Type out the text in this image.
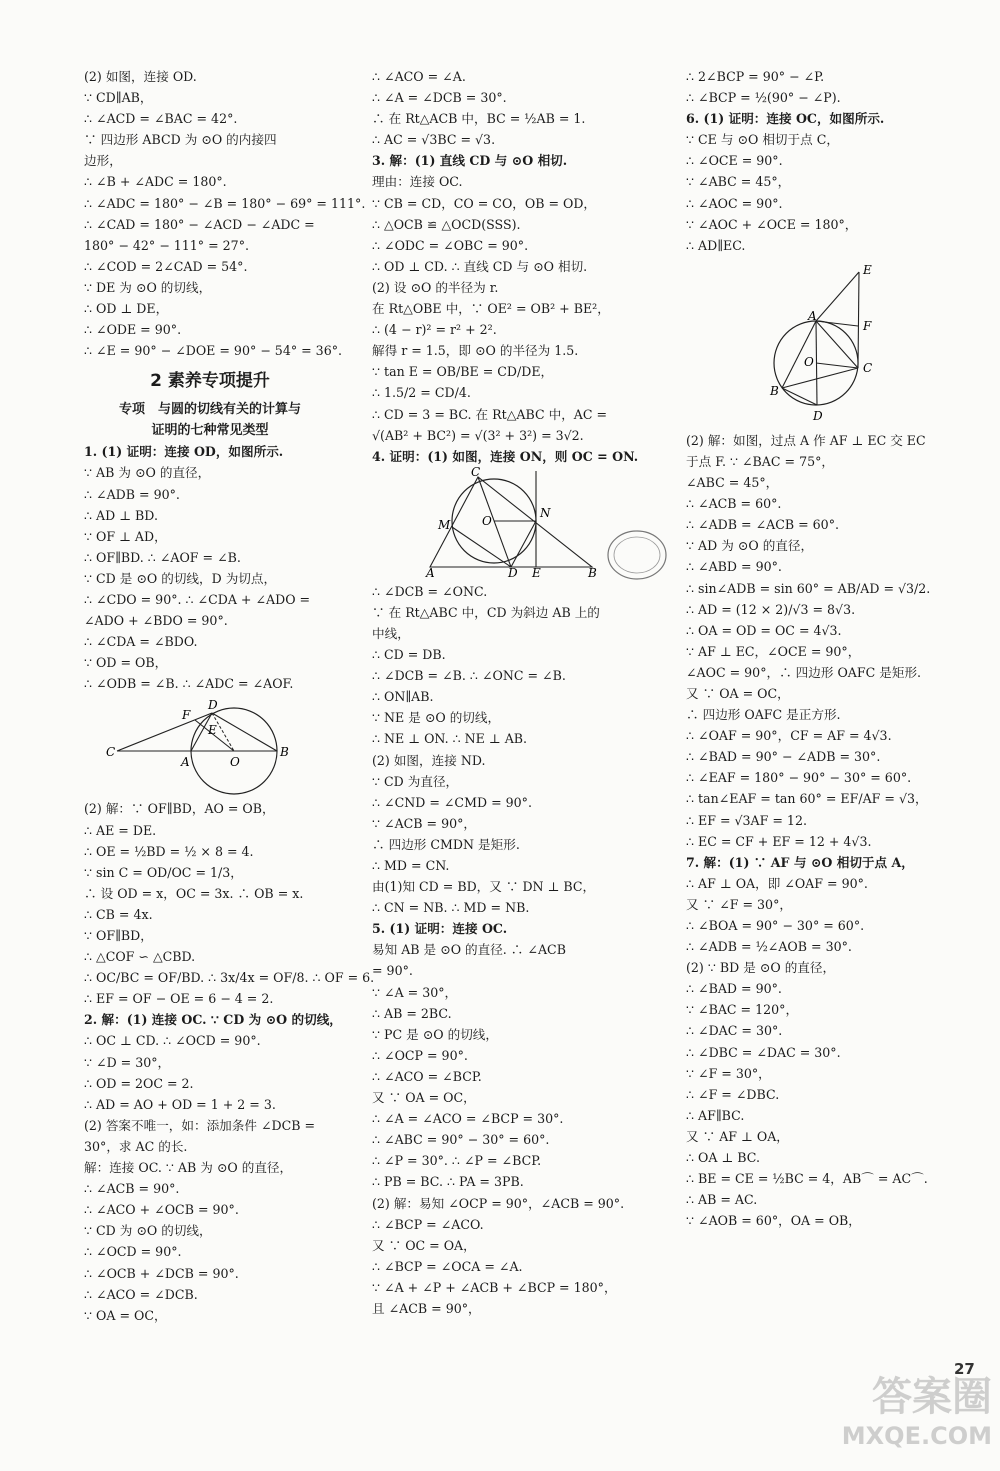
(2) 如图，连接 OD.
∵ CD∥AB，
∴ ∠ACD = ∠BAC = 42°.
∵ 四边形 ABCD 为 ⊙O 的内接四
边形，
∴ ∠B + ∠ADC = 180°.
∴ ∠ADC = 180° − ∠B = 180° − 69° = 111°.
∴ ∠CAD = 180° − ∠ACD − ∠ADC =
180° − 42° − 111° = 27°.
∴ ∠COD = 2∠CAD = 54°.
∵ DE 为 ⊙O 的切线，
∴ OD ⊥ DE，
∴ ∠ODE = 90°.
∴ ∠E = 90° − ∠DOE = 90° − 54° = 36°.
2 素养专项提升
专项　与圆的切线有关的计算与
证明的七种常见类型
1. (1) 证明：连接 OD，如图所示.
∵ AB 为 ⊙O 的直径，
∴ ∠ADB = 90°.
∴ AD ⊥ BD.
∵ OF ⊥ AD，
∴ OF∥BD. ∴ ∠AOF = ∠B.
∵ CD 是 ⊙O 的切线，D 为切点，
∴ ∠CDO = 90°. ∴ ∠CDA + ∠ADO =
∠ADO + ∠BDO = 90°.
∴ ∠CDA = ∠BDO.
∵ OD = OB，
∴ ∠ODB = ∠B. ∴ ∠ADC = ∠AOF.
C
A	O
B
D
F
E
(2) 解：∵ OF∥BD，AO = OB，
∴ AE = DE.
∴ OE = ½BD = ½ × 8 = 4.
∵ sin C = OD/OC = 1/3，
∴ 设 OD = x，OC = 3x. ∴ OB = x.
∴ CB = 4x.
∵ OF∥BD，
∴ △COF ∽ △CBD.
∴ OC/BC = OF/BD. ∴ 3x/4x = OF/8. ∴ OF = 6.
∴ EF = OF − OE = 6 − 4 = 2.
2. 解：(1) 连接 OC. ∵ CD 为 ⊙O 的切线，
∴ OC ⊥ CD. ∴ ∠OCD = 90°.
∵ ∠D = 30°，
∴ OD = 2OC = 2.
∴ AD = AO + OD = 1 + 2 = 3.
(2) 答案不唯一，如：添加条件 ∠DCB =
30°，求 AC 的长.
解：连接 OC. ∵ AB 为 ⊙O 的直径，
∴ ∠ACB = 90°.
∴ ∠ACO + ∠OCB = 90°.
∵ CD 为 ⊙O 的切线，
∴ ∠OCD = 90°.
∴ ∠OCB + ∠DCB = 90°.
∴ ∠ACO = ∠DCB.
∵ OA = OC，
∴ ∠ACO = ∠A.
∴ ∠A = ∠DCB = 30°.
∴ 在 Rt△ACB 中，BC = ½AB = 1.
∴ AC = √3BC = √3.
3. 解：(1) 直线 CD 与 ⊙O 相切.
理由：连接 OC.
∵ CB = CD，CO = CO，OB = OD，
∴ △OCB ≌ △OCD(SSS).
∴ ∠ODC = ∠OBC = 90°.
∴ OD ⊥ CD. ∴ 直线 CD 与 ⊙O 相切.
(2) 设 ⊙O 的半径为 r.
在 Rt△OBE 中，∵ OE² = OB² + BE²，
∴ (4 − r)² = r² + 2².
解得 r = 1.5，即 ⊙O 的半径为 1.5.
∵ tan E = OB/BE = CD/DE，
∴ 1.5/2 = CD/4.
∴ CD = 3 = BC. 在 Rt△ABC 中，AC =
√(AB² + BC²) = √(3² + 3²) = 3√2.
4. 证明：(1) 如图，连接 ON，则 OC = ON.
C
M	O
N
A	D E	B
∴ ∠DCB = ∠ONC.
∵ 在 Rt△ABC 中，CD 为斜边 AB 上的
中线，
∴ CD = DB.
∴ ∠DCB = ∠B. ∴ ∠ONC = ∠B.
∴ ON∥AB.
∵ NE 是 ⊙O 的切线，
∴ NE ⊥ ON. ∴ NE ⊥ AB.
(2) 如图，连接 ND.
∵ CD 为直径，
∴ ∠CND = ∠CMD = 90°.
∵ ∠ACB = 90°，
∴ 四边形 CMDN 是矩形.
∴ MD = CN.
由(1)知 CD = BD，又 ∵ DN ⊥ BC，
∴ CN = NB. ∴ MD = NB.
5. (1) 证明：连接 OC.
易知 AB 是 ⊙O 的直径. ∴ ∠ACB
= 90°.
∵ ∠A = 30°，
∴ AB = 2BC.
∵ PC 是 ⊙O 的切线，
∴ ∠OCP = 90°.
∴ ∠ACO = ∠BCP.
又 ∵ OA = OC，
∴ ∠A = ∠ACO = ∠BCP = 30°.
∴ ∠ABC = 90° − 30° = 60°.
∴ ∠P = 30°. ∴ ∠P = ∠BCP.
∴ PB = BC. ∴ PA = 3PB.
(2) 解：易知 ∠OCP = 90°，∠ACB = 90°.
∴ ∠BCP = ∠ACO.
又 ∵ OC = OA，
∴ ∠BCP = ∠OCA = ∠A.
∵ ∠A + ∠P + ∠ACB + ∠BCP = 180°，
且 ∠ACB = 90°，
∴ 2∠BCP = 90° − ∠P.
∴ ∠BCP = ½(90° − ∠P).
6. (1) 证明：连接 OC，如图所示.
∵ CE 与 ⊙O 相切于点 C，
∴ ∠OCE = 90°.
∵ ∠ABC = 45°，
∴ ∠AOC = 90°.
∵ ∠AOC + ∠OCE = 180°，
∴ AD∥EC.
E
A
F
O	C
B
D
(2) 解：如图，过点 A 作 AF ⊥ EC 交 EC
于点 F. ∵ ∠BAC = 75°，
∠ABC = 45°，
∴ ∠ACB = 60°.
∴ ∠ADB = ∠ACB = 60°.
∵ AD 为 ⊙O 的直径，
∴ ∠ABD = 90°.
∴ sin∠ADB = sin 60° = AB/AD = √3/2.
∴ AD = (12 × 2)/√3 = 8√3.
∴ OA = OD = OC = 4√3.
∵ AF ⊥ EC，∠OCE = 90°，
∠AOC = 90°，∴ 四边形 OAFC 是矩形.
又 ∵ OA = OC，
∴ 四边形 OAFC 是正方形.
∴ ∠OAF = 90°，CF = AF = 4√3.
∴ ∠BAD = 90° − ∠ADB = 30°.
∴ ∠EAF = 180° − 90° − 30° = 60°.
∴ tan∠EAF = tan 60° = EF/AF = √3，
∴ EF = √3AF = 12.
∴ EC = CF + EF = 12 + 4√3.
7. 解：(1) ∵ AF 与 ⊙O 相切于点 A，
∴ AF ⊥ OA，即 ∠OAF = 90°.
又 ∵ ∠F = 30°，
∴ ∠BOA = 90° − 30° = 60°.
∴ ∠ADB = ½∠AOB = 30°.
(2) ∵ BD 是 ⊙O 的直径，
∴ ∠BAD = 90°.
∵ ∠BAC = 120°，
∴ ∠DAC = 30°.
∴ ∠DBC = ∠DAC = 30°.
∵ ∠F = 30°，
∴ ∠F = ∠DBC.
∴ AF∥BC.
又 ∵ AF ⊥ OA，
∴ OA ⊥ BC.
∴ BE = CE = ½BC = 4，AB⌒ = AC⌒.
∴ AB = AC.
∵ ∠AOB = 60°，OA = OB，
27
答案圈
MXQE.COM
